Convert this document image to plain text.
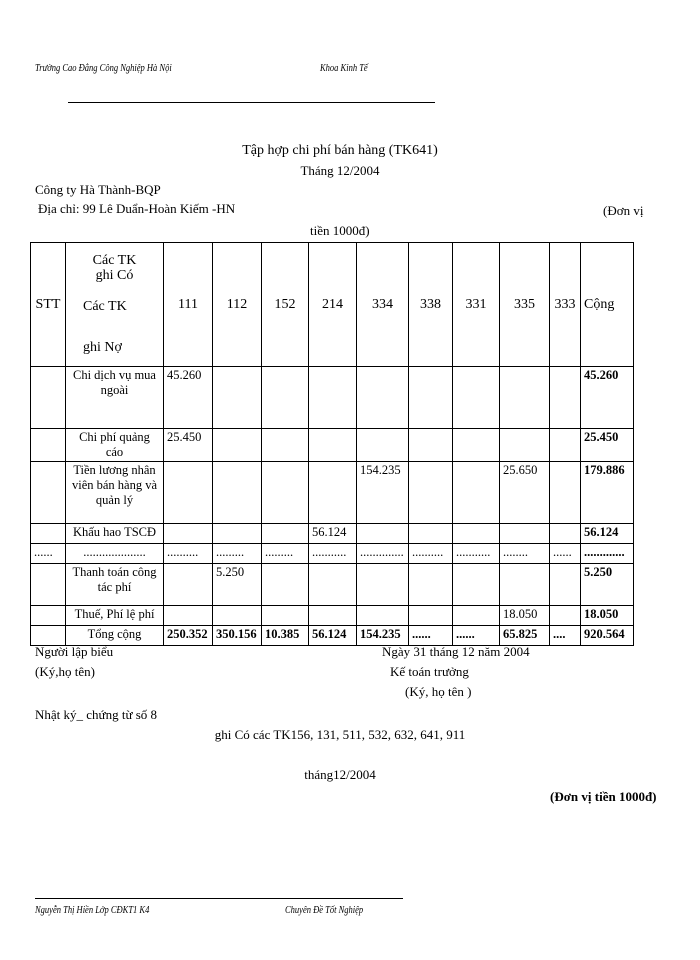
Trường Cao Đẳng Công Nghiệp Hà Nội	Khoa Kinh Tế
Tập hợp chi phí bán hàng (TK641)
Tháng 12/2004
Công ty Hà Thành-BQP
Địa chỉ: 99 Lê Duẩn-Hoàn Kiếm -HN	(Đơn vị
tiền 1000đ)
STT	Các TK
ghi Có
Các TK
ghi Nợ	111	112	152	214	334	338	331	335	333	Cộng
	Chi dịch vụ mua ngoài	45.260									45.260
	Chi phí quảng cáo	25.450									25.450
	Tiền lương nhân viên bán hàng và quản lý					154.235			25.650		179.886
	Khấu hao TSCĐ				56.124						56.124
......	....................	..........	.........	.........	...........	..............	..........	...........	........	......	.............
	Thanh toán công tác phí		5.250								5.250
	Thuế, Phí lệ phí								18.050		18.050
	Tổng cộng	250.352	350.156	10.385	56.124	154.235	......	......	65.825	....	920.564
Người lập biểu
(Ký,họ tên)
Ngày 31 tháng 12 năm 2004
Kế toán trưởng
(Ký, họ tên )
Nhật ký_ chứng từ số 8
ghi Có các TK156, 131, 511, 532, 632, 641, 911
tháng12/2004
(Đơn vị tiền 1000đ)
Nguyễn Thị Hiền Lớp CĐKT1 K4	Chuyên Đề Tốt Nghiệp
